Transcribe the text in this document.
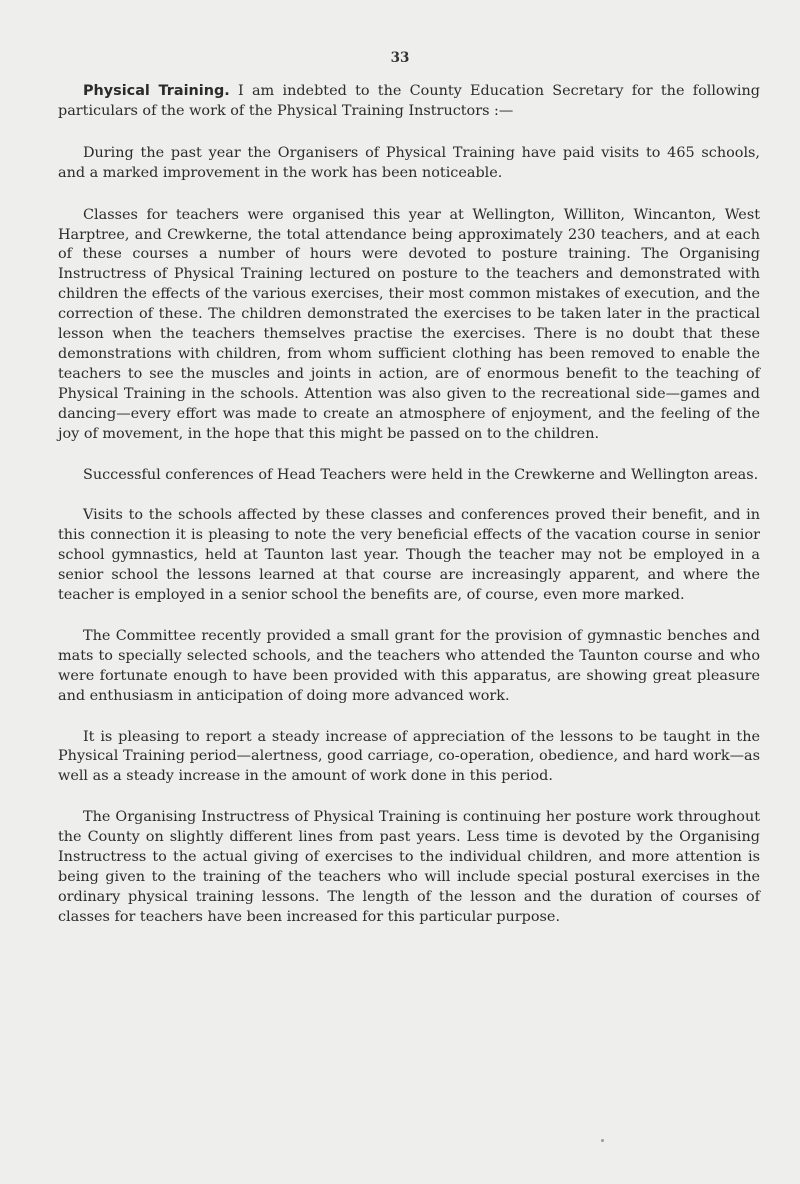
33

Physical Training. I am indebted to the County Education Secretary for the following particulars of the work of the Physical Training Instructors :—

During the past year the Organisers of Physical Training have paid visits to 465 schools, and a marked improvement in the work has been noticeable.

Classes for teachers were organised this year at Wellington, Williton, Wincanton, West Harptree, and Crewkerne, the total attendance being approximately 230 teachers, and at each of these courses a number of hours were devoted to posture training. The Organising Instructress of Physical Training lectured on posture to the teachers and demonstrated with children the effects of the various exercises, their most common mistakes of execution, and the correction of these. The children demonstrated the exercises to be taken later in the practical lesson when the teachers themselves practise the exercises. There is no doubt that these demonstrations with children, from whom sufficient clothing has been removed to enable the teachers to see the muscles and joints in action, are of enormous benefit to the teaching of Physical Training in the schools. Attention was also given to the recreational side—games and dancing—every effort was made to create an atmosphere of enjoyment, and the feeling of the joy of movement, in the hope that this might be passed on to the children.

Successful conferences of Head Teachers were held in the Crewkerne and Wellington areas.

Visits to the schools affected by these classes and conferences proved their benefit, and in this connection it is pleasing to note the very beneficial effects of the vacation course in senior school gymnastics, held at Taunton last year. Though the teacher may not be employed in a senior school the lessons learned at that course are increasingly apparent, and where the teacher is employed in a senior school the benefits are, of course, even more marked.

The Committee recently provided a small grant for the provision of gymnastic benches and mats to specially selected schools, and the teachers who attended the Taunton course and who were fortunate enough to have been provided with this apparatus, are showing great pleasure and enthusiasm in anticipation of doing more advanced work.

It is pleasing to report a steady increase of appreciation of the lessons to be taught in the Physical Training period—alertness, good carriage, co-operation, obedience, and hard work—as well as a steady increase in the amount of work done in this period.

The Organising Instructress of Physical Training is continuing her posture work throughout the County on slightly different lines from past years. Less time is devoted by the Organising Instructress to the actual giving of exercises to the individual children, and more attention is being given to the training of the teachers who will include special postural exercises in the ordinary physical training lessons. The length of the lesson and the duration of courses of classes for teachers have been increased for this particular purpose.
